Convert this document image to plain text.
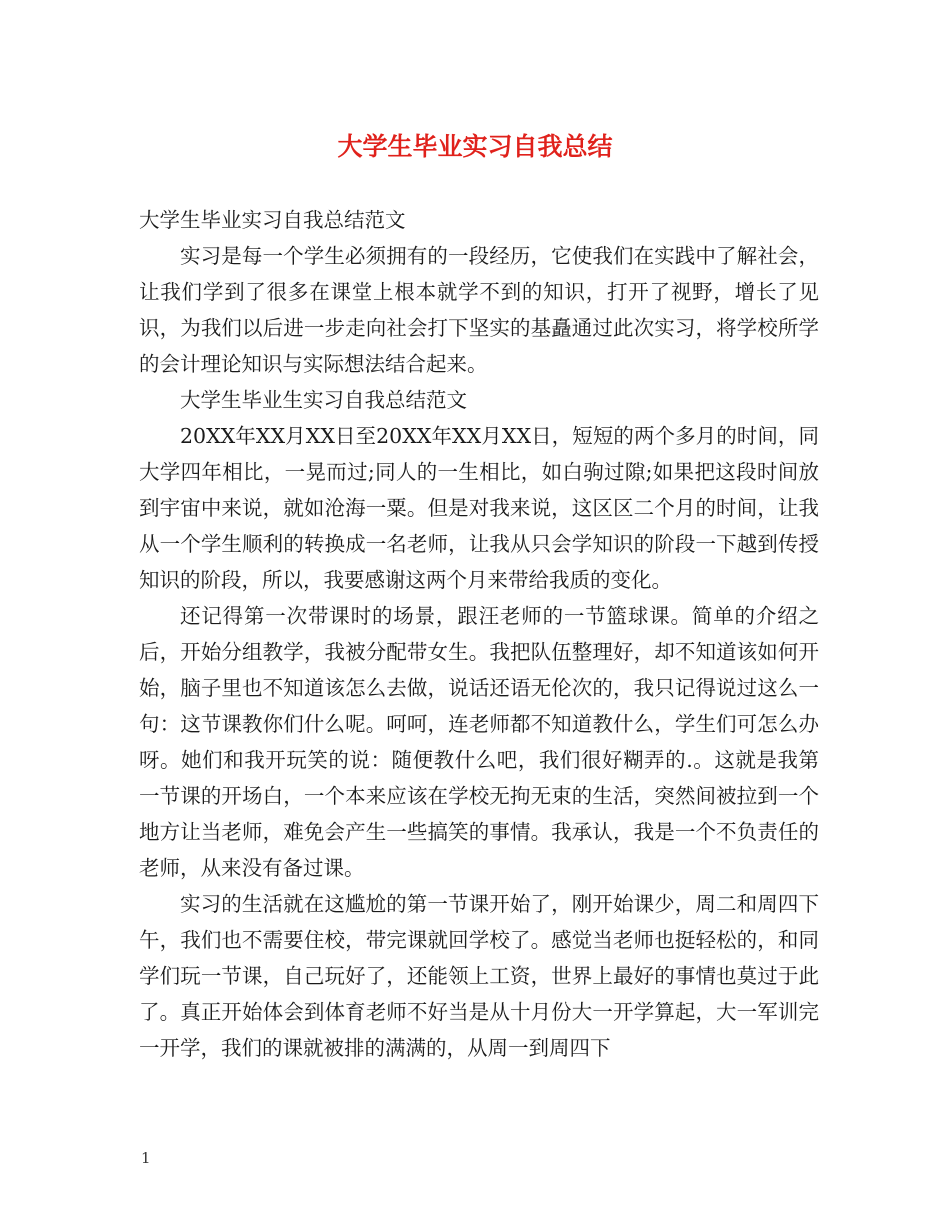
大学生毕业实习自我总结

大学生毕业实习自我总结范文

实习是每一个学生必须拥有的一段经历，它使我们在实践中了解社会，让我们学到了很多在课堂上根本就学不到的知识，打开了视野，增长了见识，为我们以后进一步走向社会打下坚实的基矗通过此次实习，将学校所学的会计理论知识与实际想法结合起来。

大学生毕业生实习自我总结范文

20XX年XX月XX日至20XX年XX月XX日，短短的两个多月的时间，同大学四年相比，一晃而过;同人的一生相比，如白驹过隙;如果把这段时间放到宇宙中来说，就如沧海一粟。但是对我来说，这区区二个月的时间，让我从一个学生顺利的转换成一名老师，让我从只会学知识的阶段一下越到传授知识的阶段，所以，我要感谢这两个月来带给我质的变化。

还记得第一次带课时的场景，跟汪老师的一节篮球课。简单的介绍之后，开始分组教学，我被分配带女生。我把队伍整理好，却不知道该如何开始，脑子里也不知道该怎么去做，说话还语无伦次的，我只记得说过这么一句：这节课教你们什么呢。呵呵，连老师都不知道教什么，学生们可怎么办呀。她们和我开玩笑的说：随便教什么吧，我们很好糊弄的.。这就是我第一节课的开场白，一个本来应该在学校无拘无束的生活，突然间被拉到一个地方让当老师，难免会产生一些搞笑的事情。我承认，我是一个不负责任的老师，从来没有备过课。

实习的生活就在这尴尬的第一节课开始了，刚开始课少，周二和周四下午，我们也不需要住校，带完课就回学校了。感觉当老师也挺轻松的，和同学们玩一节课，自己玩好了，还能领上工资，世界上最好的事情也莫过于此了。真正开始体会到体育老师不好当是从十月份大一开学算起，大一军训完一开学，我们的课就被排的满满的，从周一到周四下

1
